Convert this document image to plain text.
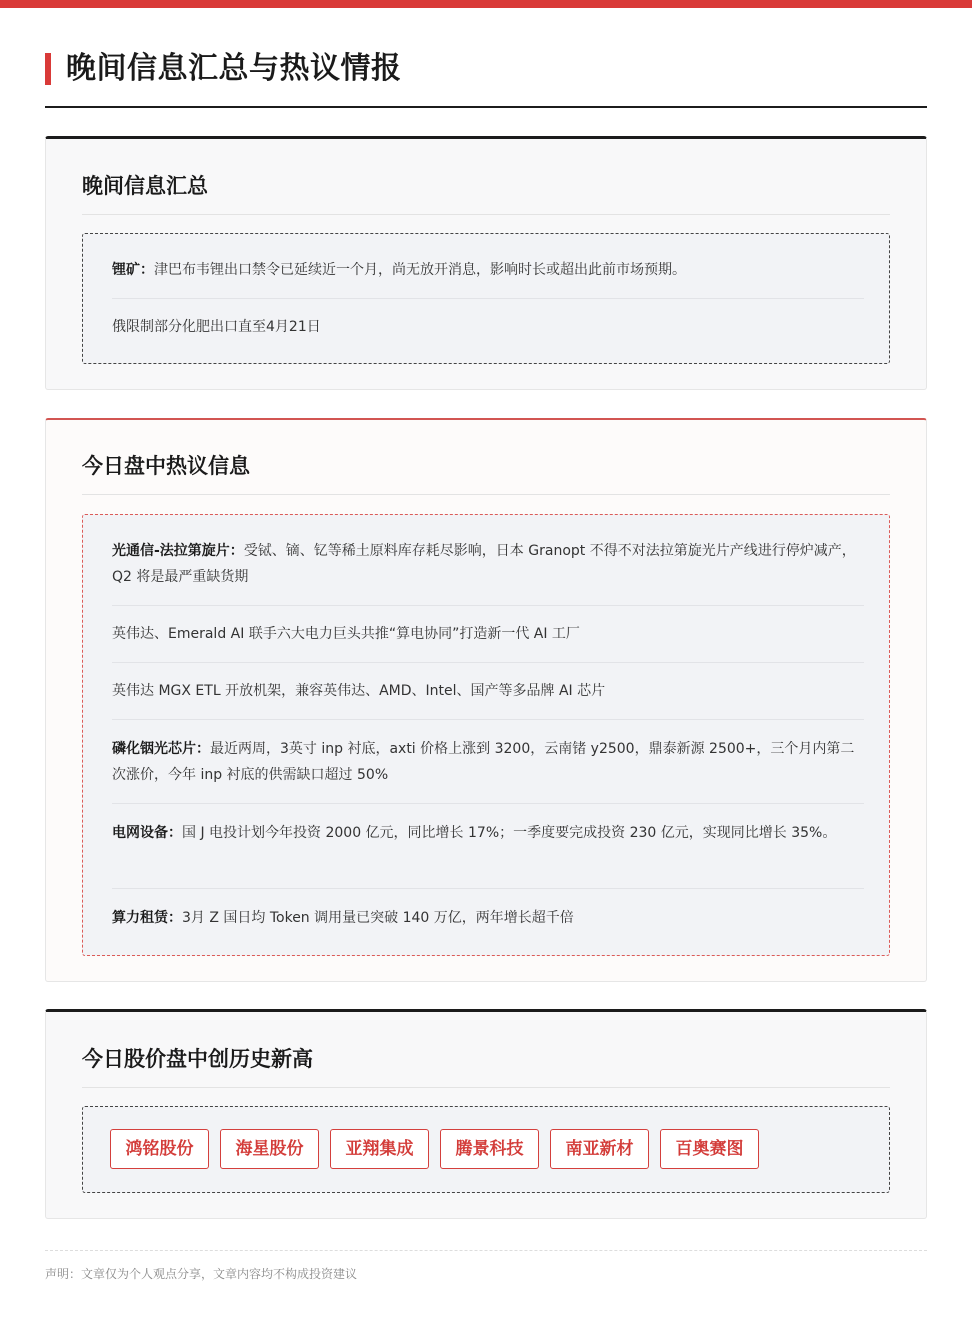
晚间信息汇总与热议情报
晚间信息汇总
锂矿：津巴布韦锂出口禁令已延续近一个月，尚无放开消息，影响时长或超出此前市场预期。
俄限制部分化肥出口直至4月21日
今日盘中热议信息
光通信-法拉第旋片：受铽、镝、钇等稀土原料库存耗尽影响，日本 Granopt 不得不对法拉第旋光片产线进行停炉减产，Q2 将是最严重缺货期
英伟达、Emerald AI 联手六大电力巨头共推“算电协同”打造新一代 AI 工厂
英伟达 MGX ETL 开放机架，兼容英伟达、AMD、Intel、国产等多品牌 AI 芯片
磷化铟光芯片：最近两周，3英寸 inp 衬底，axti 价格上涨到 3200，云南锗 y2500，鼎泰新源 2500+，三个月内第二次涨价，今年 inp 衬底的供需缺口超过 50%
电网设备：国 J 电投计划今年投资 2000 亿元，同比增长 17%；一季度要完成投资 230 亿元，实现同比增长 35%。
算力租赁：3月 Z 国日均 Token 调用量已突破 140 万亿，两年增长超千倍
今日股价盘中创历史新高
鸿铭股份	海星股份	亚翔集成	腾景科技	南亚新材	百奥赛图

声明：文章仅为个人观点分享，文章内容均不构成投资建议
